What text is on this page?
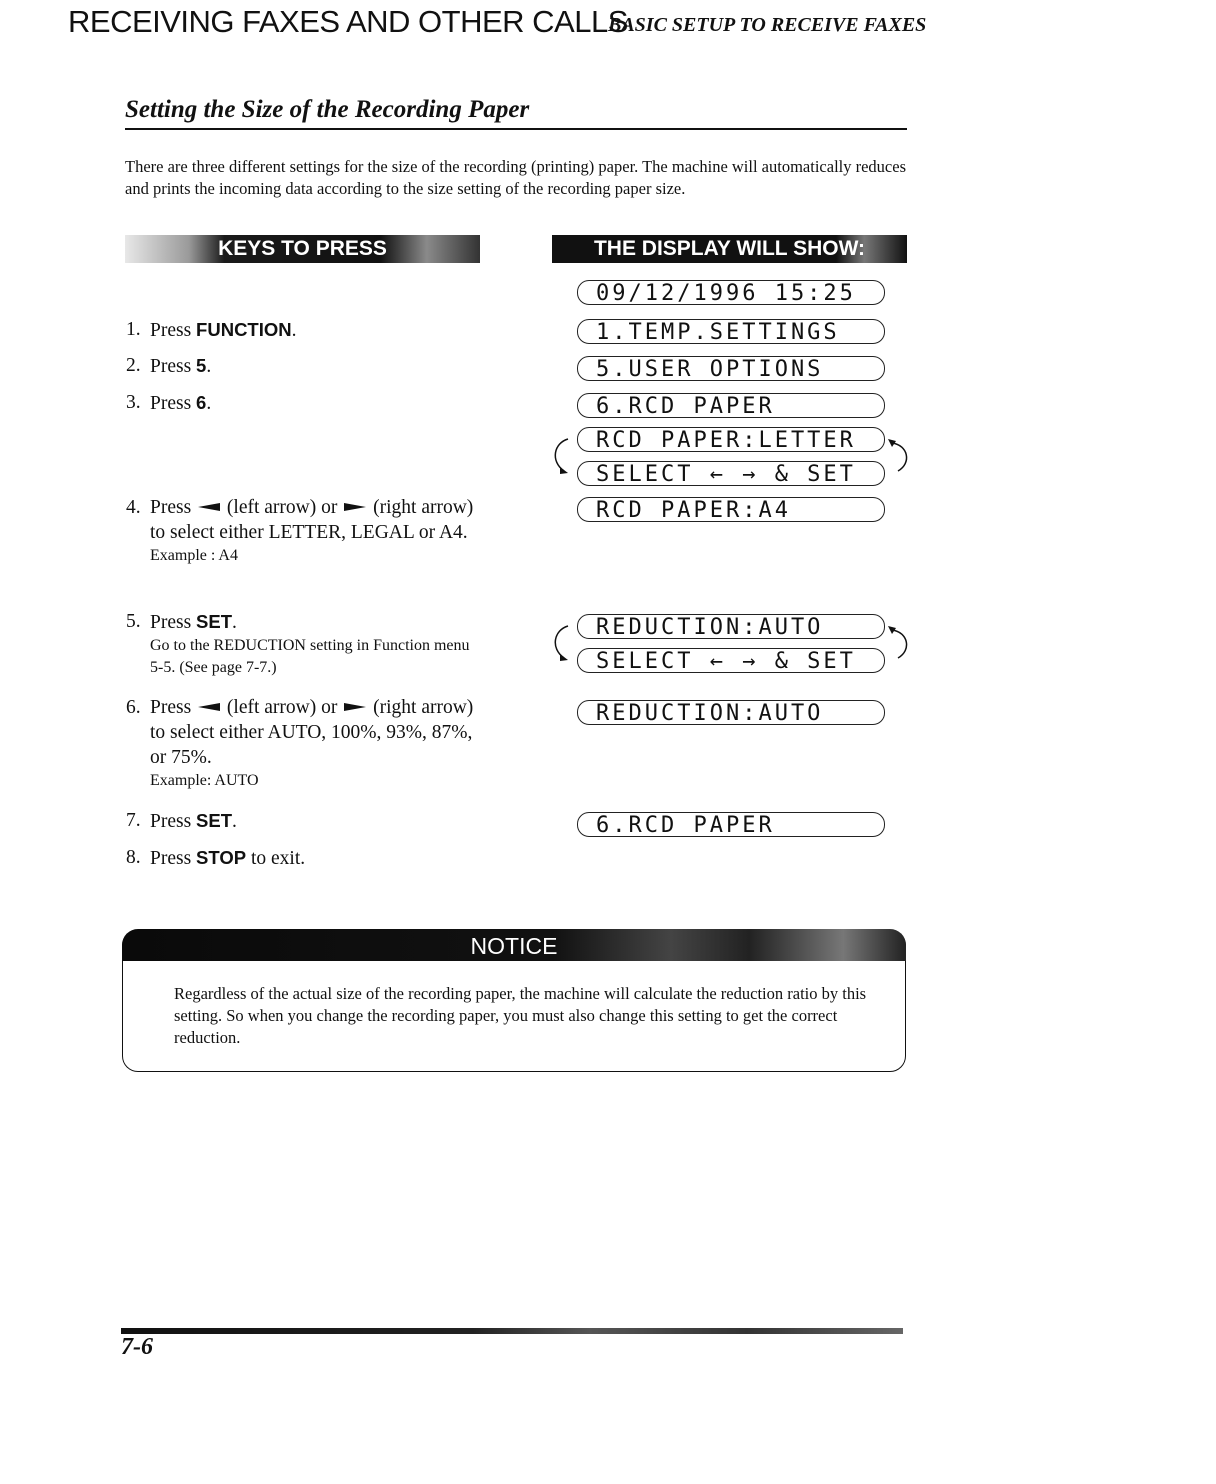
RECEIVING FAXES AND OTHER CALLS
BASIC SETUP TO RECEIVE FAXES
Setting the Size of the Recording Paper
There are three different settings for the size of the recording (printing) paper. The machine will automatically reduces and prints the incoming data according to the size setting of the recording paper size.
KEYS TO PRESS	THE DISPLAY WILL SHOW:
1. Press FUNCTION.
2. Press 5.
3. Press 6.
4. Press (left arrow) or (right arrow) to select either LETTER, LEGAL or A4.
Example : A4
5. Press SET.
Go to the REDUCTION setting in Function menu 5-5. (See page 7-7.)
6. Press (left arrow) or (right arrow) to select either AUTO, 100%, 93%, 87%, or 75%.
Example: AUTO
7. Press SET.
8. Press STOP to exit.
09/12/1996 15:25
1.TEMP.SETTINGS
5.USER OPTIONS
6.RCD PAPER
RCD PAPER:LETTER
SELECT ← → & SET
RCD PAPER:A4
REDUCTION:AUTO
SELECT ← → & SET
REDUCTION:AUTO
6.RCD PAPER
NOTICE
Regardless of the actual size of the recording paper, the machine will calculate the reduction ratio by this setting. So when you change the recording paper, you must also change this setting to get the correct reduction.
7-6
